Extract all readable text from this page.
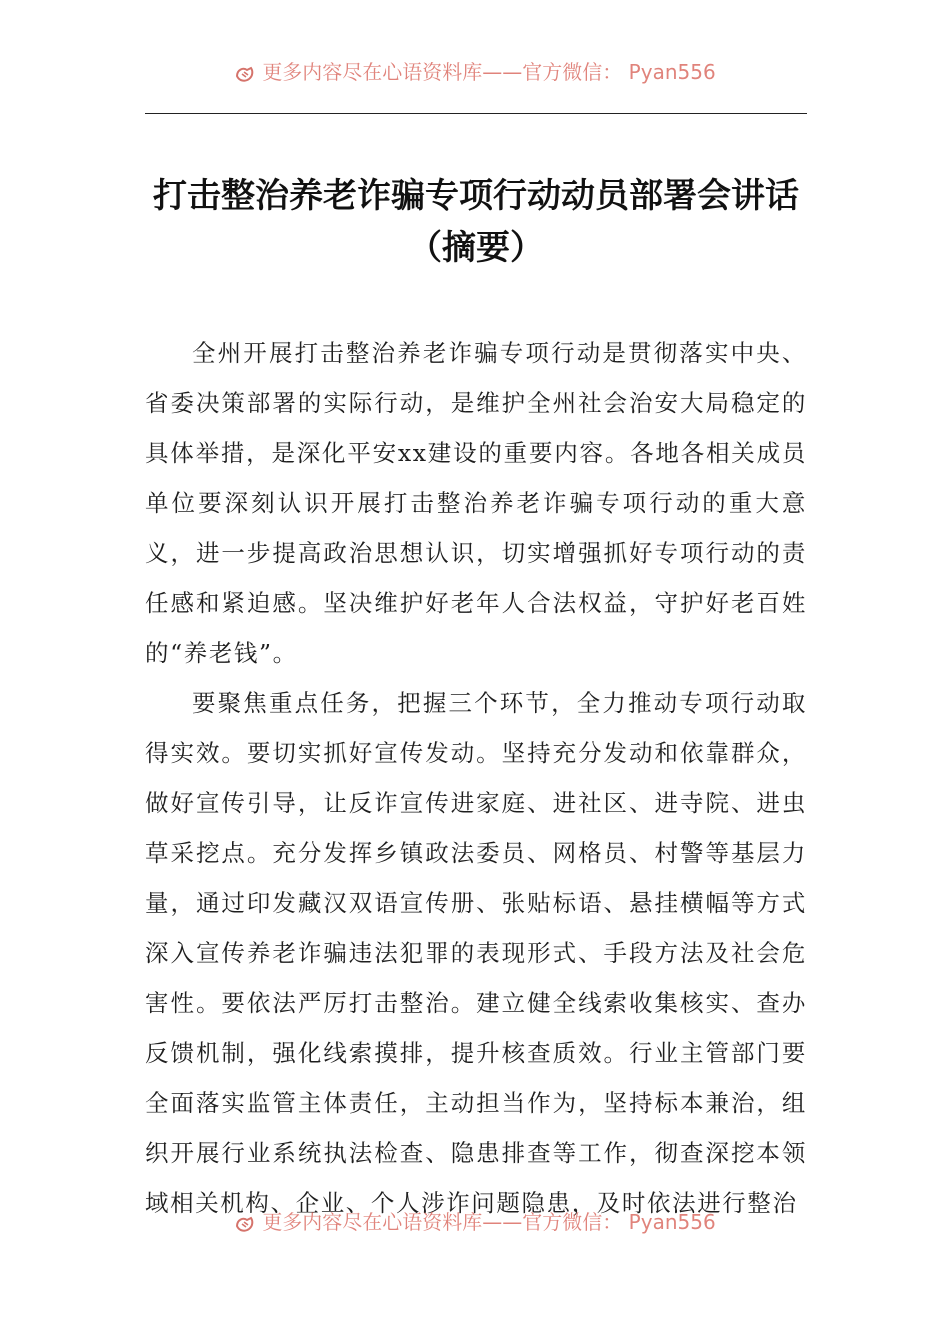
更多内容尽在心语资料库——官方微信： Pyan556
打击整治养老诈骗专项行动动员部署会讲话（摘要）

全州开展打击整治养老诈骗专项行动是贯彻落实中央、省委决策部署的实际行动，是维护全州社会治安大局稳定的具体举措，是深化平安xx建设的重要内容。各地各相关成员单位要深刻认识开展打击整治养老诈骗专项行动的重大意义，进一步提高政治思想认识，切实增强抓好专项行动的责任感和紧迫感。坚决维护好老年人合法权益，守护好老百姓的“养老钱”。

要聚焦重点任务，把握三个环节，全力推动专项行动取得实效。要切实抓好宣传发动。坚持充分发动和依靠群众，做好宣传引导，让反诈宣传进家庭、进社区、进寺院、进虫草采挖点。充分发挥乡镇政法委员、网格员、村警等基层力量，通过印发藏汉双语宣传册、张贴标语、悬挂横幅等方式深入宣传养老诈骗违法犯罪的表现形式、手段方法及社会危害性。要依法严厉打击整治。建立健全线索收集核实、查办反馈机制，强化线索摸排，提升核查质效。行业主管部门要全面落实监管主体责任，主动担当作为，坚持标本兼治，组织开展行业系统执法检查、隐患排查等工作，彻查深挖本领域相关机构、企业、个人涉诈问题隐患，及时依法进行整治

更多内容尽在心语资料库——官方微信： Pyan556
